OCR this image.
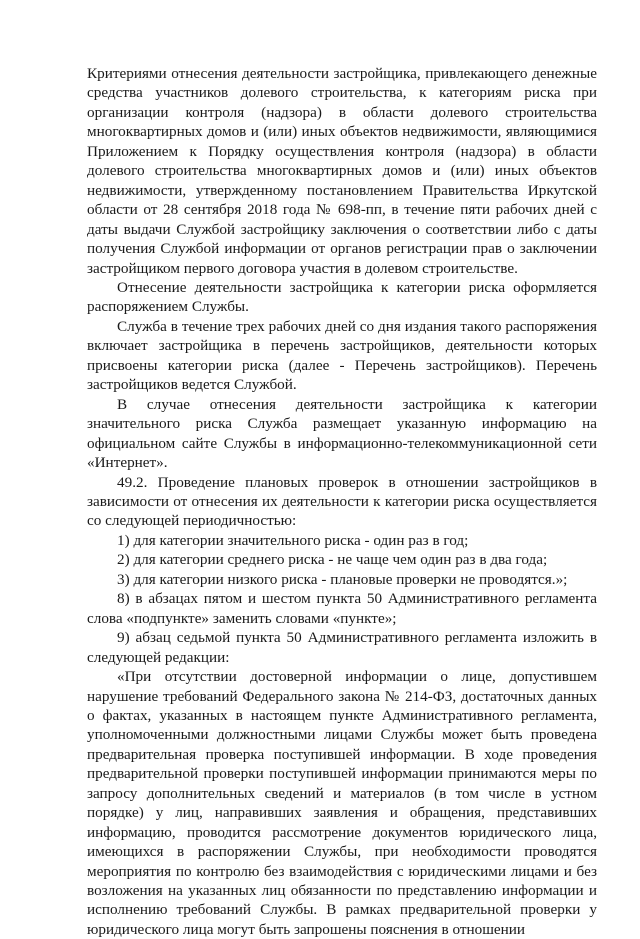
Критериями отнесения деятельности застройщика, привлекающего денежные средства участников долевого строительства, к категориям риска при организации контроля (надзора) в области долевого строительства многоквартирных домов и (или) иных объектов недвижимости, являющимися Приложением к Порядку осуществления контроля (надзора) в области долевого строительства многоквартирных домов и (или) иных объектов недвижимости, утвержденному постановлением Правительства Иркутской области от 28 сентября 2018 года № 698-пп, в течение пяти рабочих дней с даты выдачи Службой застройщику заключения о соответствии либо с даты получения Службой информации от органов регистрации прав о заключении застройщиком первого договора участия в долевом строительстве.

Отнесение деятельности застройщика к категории риска оформляется распоряжением Службы.

Служба в течение трех рабочих дней со дня издания такого распоряжения включает застройщика в перечень застройщиков, деятельности которых присвоены категории риска (далее - Перечень застройщиков). Перечень застройщиков ведется Службой.

В случае отнесения деятельности застройщика к категории значительного риска Служба размещает указанную информацию на официальном сайте Службы в информационно-телекоммуникационной сети «Интернет».

49.2. Проведение плановых проверок в отношении застройщиков в зависимости от отнесения их деятельности к категории риска осуществляется со следующей периодичностью:

1) для категории значительного риска - один раз в год;

2) для категории среднего риска - не чаще чем один раз в два года;

3) для категории низкого риска - плановые проверки не проводятся.»;

8) в абзацах пятом и шестом пункта 50 Административного регламента слова «подпункте» заменить словами «пункте»;

9) абзац седьмой пункта 50 Административного регламента изложить в следующей редакции:

«При отсутствии достоверной информации о лице, допустившем нарушение требований Федерального закона № 214-ФЗ, достаточных данных о фактах, указанных в настоящем пункте Административного регламента, уполномоченными должностными лицами Службы может быть проведена предварительная проверка поступившей информации. В ходе проведения предварительной проверки поступившей информации принимаются меры по запросу дополнительных сведений и материалов (в том числе в устном порядке) у лиц, направивших заявления и обращения, представивших информацию, проводится рассмотрение документов юридического лица, имеющихся в распоряжении Службы, при необходимости проводятся мероприятия по контролю без взаимодействия с юридическими лицами и без возложения на указанных лиц обязанности по представлению информации и исполнению требований Службы. В рамках предварительной проверки у юридического лица могут быть запрошены пояснения в отношении
